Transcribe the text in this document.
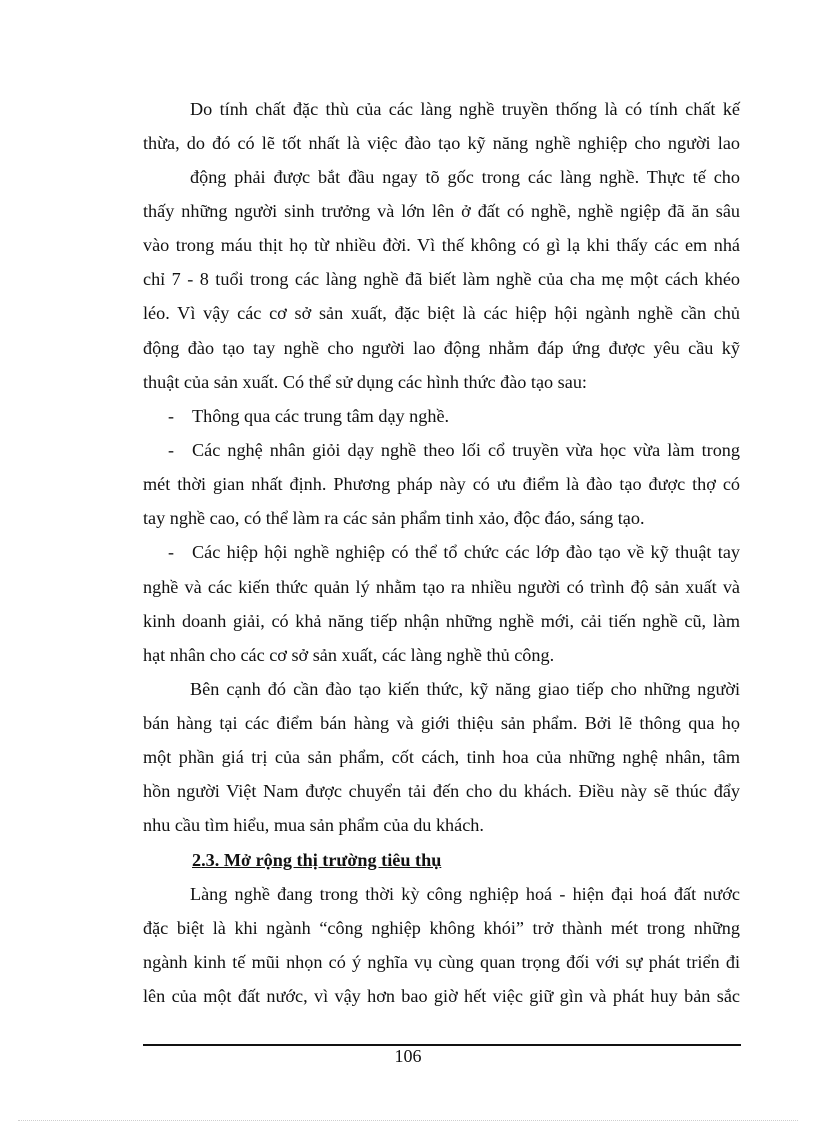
Do tính chất đặc thù của các làng nghề truyền thống là có tính chất kế
thừa, do đó có lẽ tốt nhất là việc đào tạo kỹ năng nghề nghiệp cho người lao
động phải được bắt đầu ngay tõ gốc trong các làng nghề. Thực tế cho
thấy những người sinh trưởng và lớn lên ở đất có nghề, nghề ngiệp đã ăn sâu
vào trong máu thịt họ từ nhiều đời. Vì thế không có gì lạ khi thấy các em nhá
chỉ 7 - 8 tuổi trong các làng nghề đã biết làm nghề của cha mẹ một cách khéo
léo. Vì vậy các cơ sở sản xuất, đặc biệt là các hiệp hội ngành nghề cần chủ
động đào tạo tay nghề cho người lao động nhằm đáp ứng được yêu cầu kỹ
thuật của sản xuất. Có thể sử dụng các hình thức đào tạo sau:
- Thông qua các trung tâm dạy nghề.
- Các nghệ nhân giỏi dạy nghề theo lối cổ truyền vừa học vừa làm trong
mét thời gian nhất định. Phương pháp này có ưu điểm là đào tạo được thợ có
tay nghề cao, có thể làm ra các sản phẩm tinh xảo, độc đáo, sáng tạo.
- Các hiệp hội nghề nghiệp có thể tổ chức các lớp đào tạo về kỹ thuật tay
nghề và các kiến thức quản lý nhằm tạo ra nhiều người có trình độ sản xuất và
kinh doanh giải, có khả năng tiếp nhận những nghề mới, cải tiến nghề cũ, làm
hạt nhân cho các cơ sở sản xuất, các làng nghề thủ công.
Bên cạnh đó cần đào tạo kiến thức, kỹ năng giao tiếp cho những người
bán hàng tại các điểm bán hàng và giới thiệu sản phẩm. Bởi lẽ thông qua họ
một phần giá trị của sản phẩm, cốt cách, tinh hoa của những nghệ nhân, tâm
hồn người Việt Nam được chuyển tải đến cho du khách. Điều này sẽ thúc đẩy
nhu cầu tìm hiểu, mua sản phẩm của du khách.
2.3. Mở rộng thị trường tiêu thụ
Làng nghề đang trong thời kỳ công nghiệp hoá - hiện đại hoá đất nước
đặc biệt là khi ngành “công nghiệp không khói” trở thành mét trong những
ngành kinh tế mũi nhọn có ý nghĩa vụ cùng quan trọng đối với sự phát triển đi
lên của một đất nước, vì vậy hơn bao giờ hết việc giữ gìn và phát huy bản sắc
106
